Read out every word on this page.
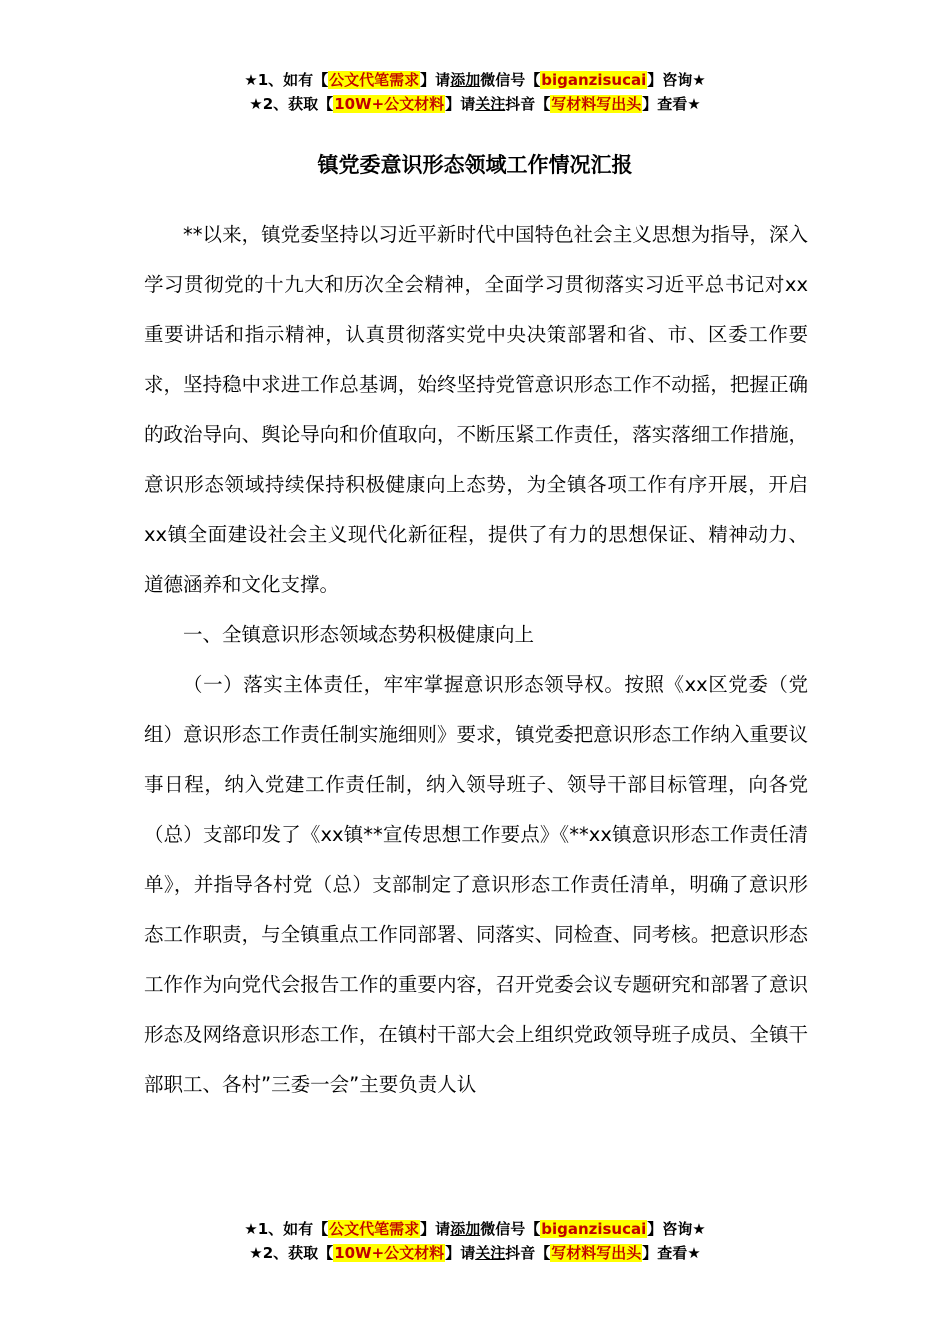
★1、如有【公文代笔需求】请添加微信号【biganzisucai】咨询★
★2、获取【10W+公文材料】请关注抖音【写材料写出头】查看★
镇党委意识形态领域工作情况汇报

**以来，镇党委坚持以习近平新时代中国特色社会主义思想为指导，深入学习贯彻党的十九大和历次全会精神，全面学习贯彻落实习近平总书记对xx重要讲话和指示精神，认真贯彻落实党中央决策部署和省、市、区委工作要求，坚持稳中求进工作总基调，始终坚持党管意识形态工作不动摇，把握正确的政治导向、舆论导向和价值取向，不断压紧工作责任，落实落细工作措施，意识形态领域持续保持积极健康向上态势，为全镇各项工作有序开展，开启xx镇全面建设社会主义现代化新征程，提供了有力的思想保证、精神动力、道德涵养和文化支撑。

一、全镇意识形态领域态势积极健康向上

（一）落实主体责任，牢牢掌握意识形态领导权。按照《xx区党委（党组）意识形态工作责任制实施细则》要求，镇党委把意识形态工作纳入重要议事日程，纳入党建工作责任制，纳入领导班子、领导干部目标管理，向各党（总）支部印发了《xx镇**宣传思想工作要点》《**xx镇意识形态工作责任清单》，并指导各村党（总）支部制定了意识形态工作责任清单，明确了意识形态工作职责，与全镇重点工作同部署、同落实、同检查、同考核。把意识形态工作作为向党代会报告工作的重要内容，召开党委会议专题研究和部署了意识形态及网络意识形态工作，在镇村干部大会上组织党政领导班子成员、全镇干部职工、各村”三委一会”主要负责人认

★1、如有【公文代笔需求】请添加微信号【biganzisucai】咨询★
★2、获取【10W+公文材料】请关注抖音【写材料写出头】查看★
